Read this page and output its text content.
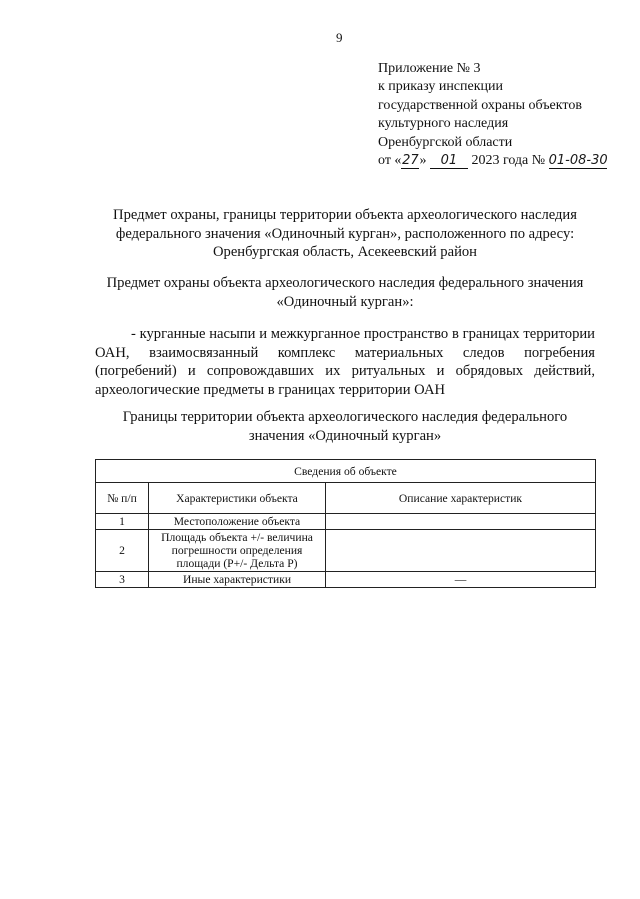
9
Приложение № 3
к приказу инспекции
государственной охраны объектов
культурного наследия
Оренбургской области
от «27» 01 2023 года № 01-08-30
Предмет охраны, границы территории объекта археологического наследия федерального значения «Одиночный курган», расположенного по адресу: Оренбургская область, Асекеевский район
Предмет охраны объекта археологического наследия федерального значения «Одиночный курган»:
- курганные насыпи и межкурганное пространство в границах территории ОАН, взаимосвязанный комплекс материальных следов погребения (погребений) и сопровождавших их ритуальных и обрядовых действий, археологические предметы в границах территории ОАН
Границы территории объекта археологического наследия федерального значения «Одиночный курган»
Сведения об объекте		
№ п/п	Характеристики объекта	Описание характеристик
1	Местоположение объекта	
2	Площадь объекта +/- величина погрешности определения площади (P+/- Дельта P)	
3	Иные характеристики	—
